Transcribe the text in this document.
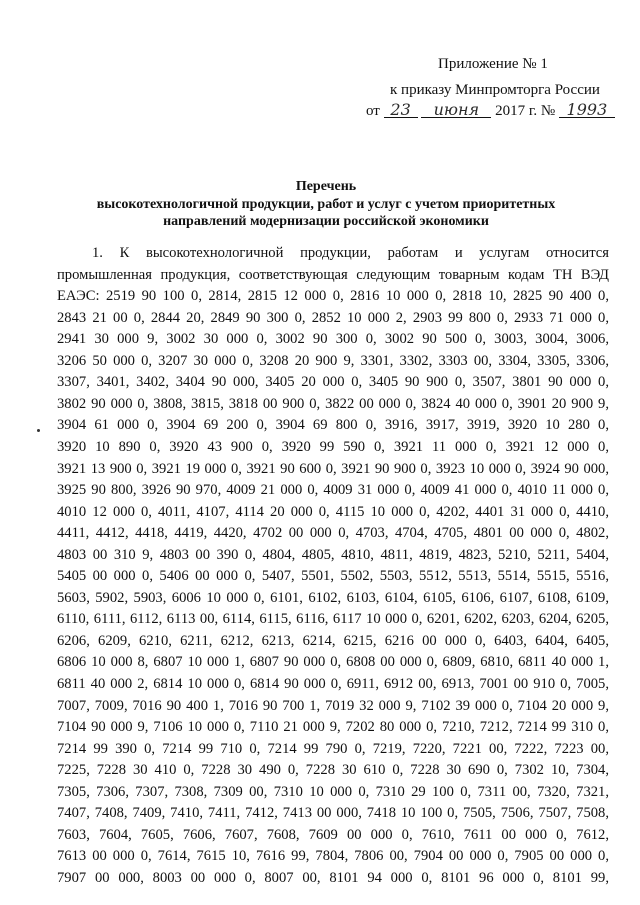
Приложение № 1
к приказу Минпромторга России
от 23 июня 2017 г. № 1993
Перечень
высокотехнологичной продукции, работ и услуг с учетом приоритетных
направлений модернизации российской экономики
1. К высокотехнологичной продукции, работам и услугам относится
промышленная продукция, соответствующая следующим товарным кодам ТН ВЭД
ЕАЭС: 2519 90 100 0, 2814, 2815 12 000 0, 2816 10 000 0, 2818 10, 2825 90 400 0,
2843 21 00 0, 2844 20, 2849 90 300 0, 2852 10 000 2, 2903 99 800 0, 2933 71 000 0,
2941 30 000 9, 3002 30 000 0, 3002 90 300 0, 3002 90 500 0, 3003, 3004, 3006,
3206 50 000 0, 3207 30 000 0, 3208 20 900 9, 3301, 3302, 3303 00, 3304, 3305, 3306,
3307, 3401, 3402, 3404 90 000, 3405 20 000 0, 3405 90 900 0, 3507, 3801 90 000 0,
3802 90 000 0, 3808, 3815, 3818 00 900 0, 3822 00 000 0, 3824 40 000 0, 3901 20 900 9,
3904 61 000 0, 3904 69 200 0, 3904 69 800 0, 3916, 3917, 3919, 3920 10 280 0,
3920 10 890 0, 3920 43 900 0, 3920 99 590 0, 3921 11 000 0, 3921 12 000 0,
3921 13 900 0, 3921 19 000 0, 3921 90 600 0, 3921 90 900 0, 3923 10 000 0, 3924 90 000,
3925 90 800, 3926 90 970, 4009 21 000 0, 4009 31 000 0, 4009 41 000 0, 4010 11 000 0,
4010 12 000 0, 4011, 4107, 4114 20 000 0, 4115 10 000 0, 4202, 4401 31 000 0, 4410,
4411, 4412, 4418, 4419, 4420, 4702 00 000 0, 4703, 4704, 4705, 4801 00 000 0, 4802,
4803 00 310 9, 4803 00 390 0, 4804, 4805, 4810, 4811, 4819, 4823, 5210, 5211, 5404,
5405 00 000 0, 5406 00 000 0, 5407, 5501, 5502, 5503, 5512, 5513, 5514, 5515, 5516,
5603, 5902, 5903, 6006 10 000 0, 6101, 6102, 6103, 6104, 6105, 6106, 6107, 6108, 6109,
6110, 6111, 6112, 6113 00, 6114, 6115, 6116, 6117 10 000 0, 6201, 6202, 6203, 6204, 6205,
6206, 6209, 6210, 6211, 6212, 6213, 6214, 6215, 6216 00 000 0, 6403, 6404, 6405,
6806 10 000 8, 6807 10 000 1, 6807 90 000 0, 6808 00 000 0, 6809, 6810, 6811 40 000 1,
6811 40 000 2, 6814 10 000 0, 6814 90 000 0, 6911, 6912 00, 6913, 7001 00 910 0, 7005,
7007, 7009, 7016 90 400 1, 7016 90 700 1, 7019 32 000 9, 7102 39 000 0, 7104 20 000 9,
7104 90 000 9, 7106 10 000 0, 7110 21 000 9, 7202 80 000 0, 7210, 7212, 7214 99 310 0,
7214 99 390 0, 7214 99 710 0, 7214 99 790 0, 7219, 7220, 7221 00, 7222, 7223 00,
7225, 7228 30 410 0, 7228 30 490 0, 7228 30 610 0, 7228 30 690 0, 7302 10, 7304,
7305, 7306, 7307, 7308, 7309 00, 7310 10 000 0, 7310 29 100 0, 7311 00, 7320, 7321,
7407, 7408, 7409, 7410, 7411, 7412, 7413 00 000, 7418 10 100 0, 7505, 7506, 7507, 7508,
7603, 7604, 7605, 7606, 7607, 7608, 7609 00 000 0, 7610, 7611 00 000 0, 7612,
7613 00 000 0, 7614, 7615 10, 7616 99, 7804, 7806 00, 7904 00 000 0, 7905 00 000 0,
7907 00 000, 8003 00 000 0, 8007 00, 8101 94 000 0, 8101 96 000 0, 8101 99,
